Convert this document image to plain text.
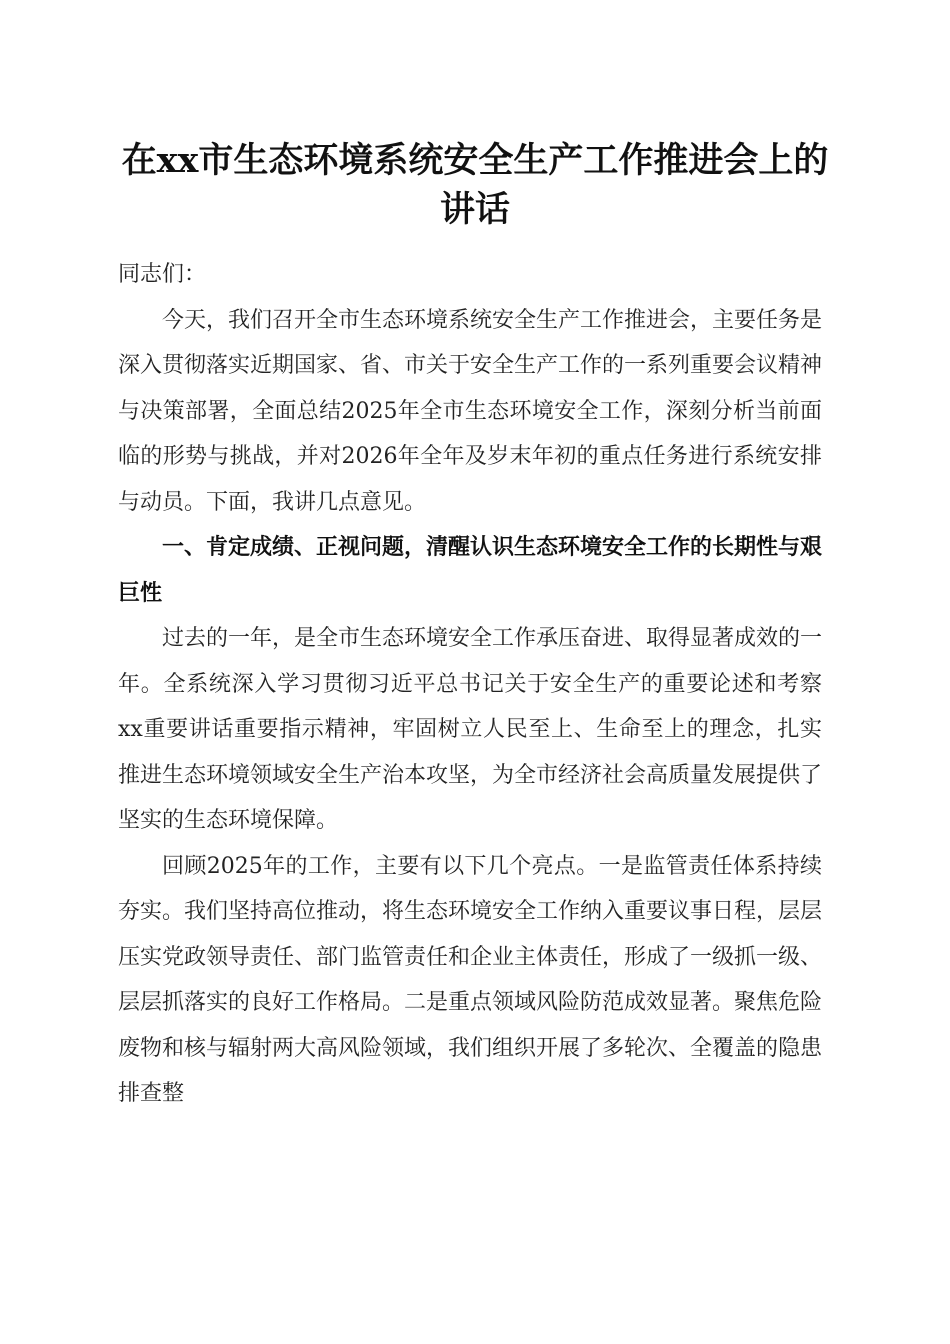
在xx市生态环境系统安全生产工作推进会上的讲话

同志们：

今天，我们召开全市生态环境系统安全生产工作推进会，主要任务是深入贯彻落实近期国家、省、市关于安全生产工作的一系列重要会议精神与决策部署，全面总结2025年全市生态环境安全工作，深刻分析当前面临的形势与挑战，并对2026年全年及岁末年初的重点任务进行系统安排与动员。下面，我讲几点意见。

一、肯定成绩、正视问题，清醒认识生态环境安全工作的长期性与艰巨性

过去的一年，是全市生态环境安全工作承压奋进、取得显著成效的一年。全系统深入学习贯彻习近平总书记关于安全生产的重要论述和考察xx重要讲话重要指示精神，牢固树立人民至上、生命至上的理念，扎实推进生态环境领域安全生产治本攻坚，为全市经济社会高质量发展提供了坚实的生态环境保障。

回顾2025年的工作，主要有以下几个亮点。一是监管责任体系持续夯实。我们坚持高位推动，将生态环境安全工作纳入重要议事日程，层层压实党政领导责任、部门监管责任和企业主体责任，形成了一级抓一级、层层抓落实的良好工作格局。二是重点领域风险防范成效显著。聚焦危险废物和核与辐射两大高风险领域，我们组织开展了多轮次、全覆盖的隐患排查整
